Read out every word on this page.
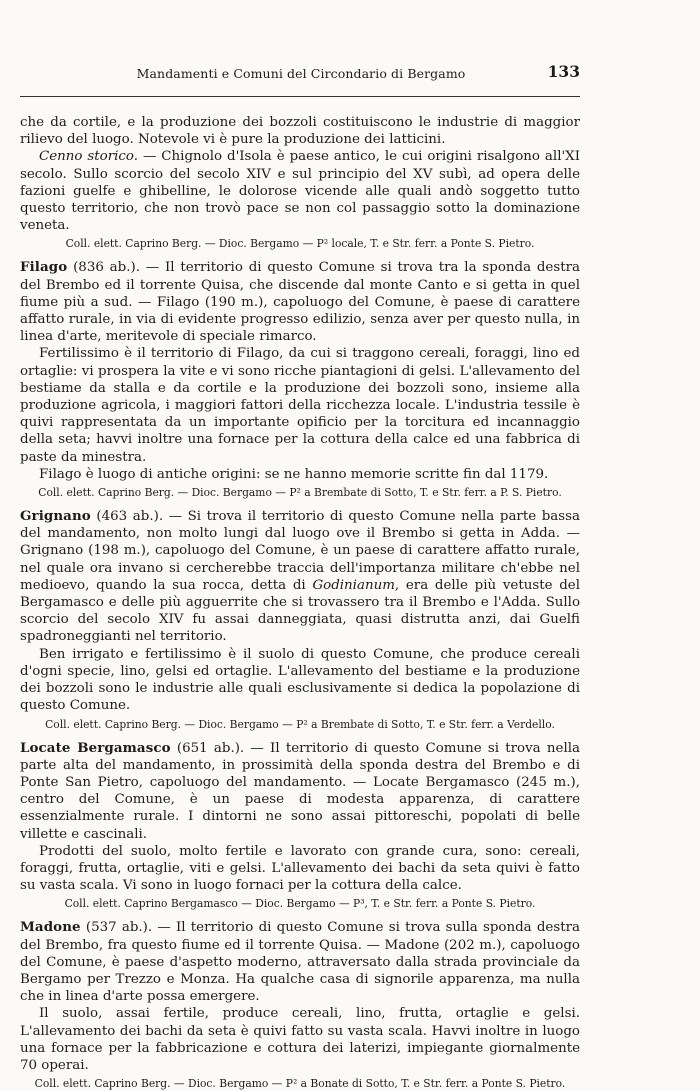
Mandamenti e Comuni del Circondario di Bergamo	133

che da cortile, e la produzione dei bozzoli costituiscono le industrie di maggior rilievo del luogo. Notevole vi è pure la produzione dei latticini.

Cenno storico. — Chignolo d'Isola è paese antico, le cui origini risalgono all'XI secolo. Sullo scorcio del secolo XIV e sul principio del XV subì, ad opera delle fazioni guelfe e ghibelline, le dolorose vicende alle quali andò soggetto tutto questo territorio, che non trovò pace se non col passaggio sotto la dominazione veneta.

Coll. elett. Caprino Berg. — Dioc. Bergamo — P² locale, T. e Str. ferr. a Ponte S. Pietro.

Filago (836 ab.). — Il territorio di questo Comune si trova tra la sponda destra del Brembo ed il torrente Quisa, che discende dal monte Canto e si getta in quel fiume più a sud. — Filago (190 m.), capoluogo del Comune, è paese di carattere affatto rurale, in via di evidente progresso edilizio, senza aver per questo nulla, in linea d'arte, meritevole di speciale rimarco.

Fertilissimo è il territorio di Filago, da cui si traggono cereali, foraggi, lino ed ortaglie: vi prospera la vite e vi sono ricche piantagioni di gelsi. L'allevamento del bestiame da stalla e da cortile e la produzione dei bozzoli sono, insieme alla produzione agricola, i maggiori fattori della ricchezza locale. L'industria tessile è quivi rappresentata da un importante opificio per la torcitura ed incannaggio della seta; havvi inoltre una fornace per la cottura della calce ed una fabbrica di paste da minestra.

Filago è luogo di antiche origini: se ne hanno memorie scritte fin dal 1179.

Coll. elett. Caprino Berg. — Dioc. Bergamo — P² a Brembate di Sotto, T. e Str. ferr. a P. S. Pietro.

Grignano (463 ab.). — Si trova il territorio di questo Comune nella parte bassa del mandamento, non molto lungi dal luogo ove il Brembo si getta in Adda. — Grignano (198 m.), capoluogo del Comune, è un paese di carattere affatto rurale, nel quale ora invano si cercherebbe traccia dell'importanza militare ch'ebbe nel medioevo, quando la sua rocca, detta di Godinianum, era delle più vetuste del Bergamasco e delle più agguerrite che si trovassero tra il Brembo e l'Adda. Sullo scorcio del secolo XIV fu assai danneggiata, quasi distrutta anzi, dai Guelfi spadroneggianti nel territorio.

Ben irrigato e fertilissimo è il suolo di questo Comune, che produce cereali d'ogni specie, lino, gelsi ed ortaglie. L'allevamento del bestiame e la produzione dei bozzoli sono le industrie alle quali esclusivamente si dedica la popolazione di questo Comune.

Coll. elett. Caprino Berg. — Dioc. Bergamo — P² a Brembate di Sotto, T. e Str. ferr. a Verdello.

Locate Bergamasco (651 ab.). — Il territorio di questo Comune si trova nella parte alta del mandamento, in prossimità della sponda destra del Brembo e di Ponte San Pietro, capoluogo del mandamento. — Locate Bergamasco (245 m.), centro del Comune, è un paese di modesta apparenza, di carattere essenzialmente rurale. I dintorni ne sono assai pittoreschi, popolati di belle villette e cascinali.

Prodotti del suolo, molto fertile e lavorato con grande cura, sono: cereali, foraggi, frutta, ortaglie, viti e gelsi. L'allevamento dei bachi da seta quivi è fatto su vasta scala. Vi sono in luogo fornaci per la cottura della calce.

Coll. elett. Caprino Bergamasco — Dioc. Bergamo — P³, T. e Str. ferr. a Ponte S. Pietro.

Madone (537 ab.). — Il territorio di questo Comune si trova sulla sponda destra del Brembo, fra questo fiume ed il torrente Quisa. — Madone (202 m.), capoluogo del Comune, è paese d'aspetto moderno, attraversato dalla strada provinciale da Bergamo per Trezzo e Monza. Ha qualche casa di signorile apparenza, ma nulla che in linea d'arte possa emergere.

Il suolo, assai fertile, produce cereali, lino, frutta, ortaglie e gelsi. L'allevamento dei bachi da seta è quivi fatto su vasta scala. Havvi inoltre in luogo una fornace per la fabbricazione e cottura dei laterizi, impiegante giornalmente 70 operai.

Coll. elett. Caprino Berg. — Dioc. Bergamo — P² a Bonate di Sotto, T. e Str. ferr. a Ponte S. Pietro.
